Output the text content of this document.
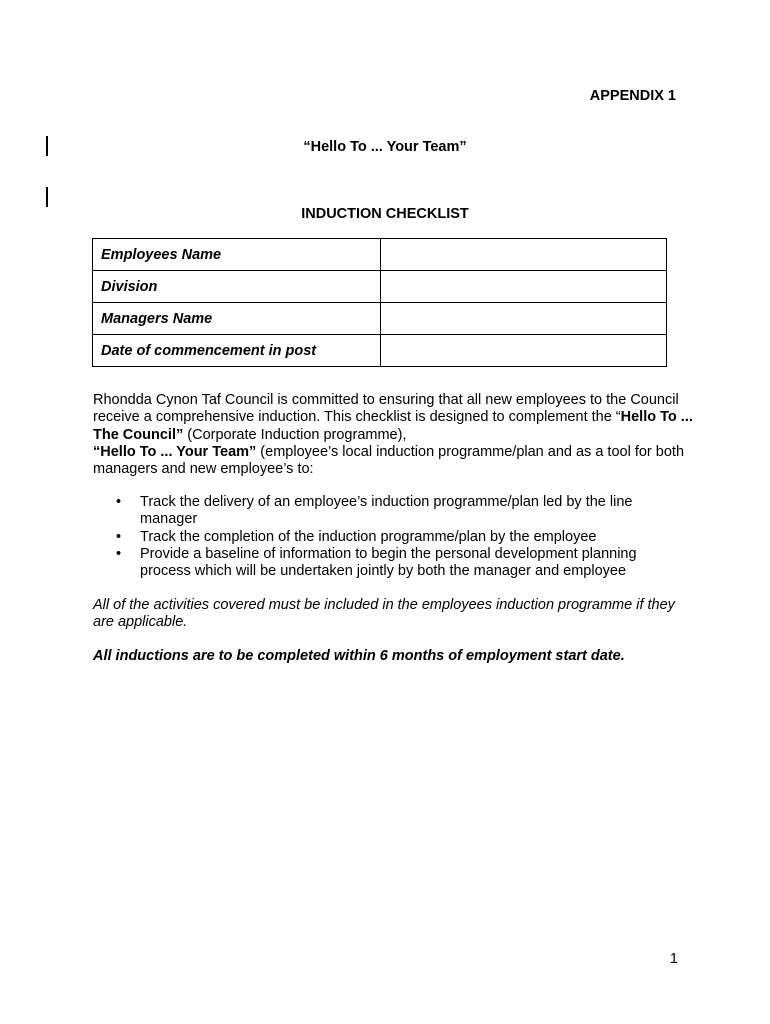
APPENDIX 1
“Hello To ... Your Team”
INDUCTION CHECKLIST
Employees Name	
Division	
Managers Name	
Date of commencement in post	
Rhondda Cynon Taf Council is committed to ensuring that all new employees to the Council receive a comprehensive induction. This checklist is designed to complement the “Hello To ... The Council” (Corporate Induction programme),
“Hello To ... Your Team” (employee’s local induction programme/plan and as a tool for both managers and new employee’s to:
• Track the delivery of an employee’s induction programme/plan led by the line manager
• Track the completion of the induction programme/plan by the employee
• Provide a baseline of information to begin the personal development planning process which will be undertaken jointly by both the manager and employee
All of the activities covered must be included in the employees induction programme if they are applicable.
All inductions are to be completed within 6 months of employment start date.
1
